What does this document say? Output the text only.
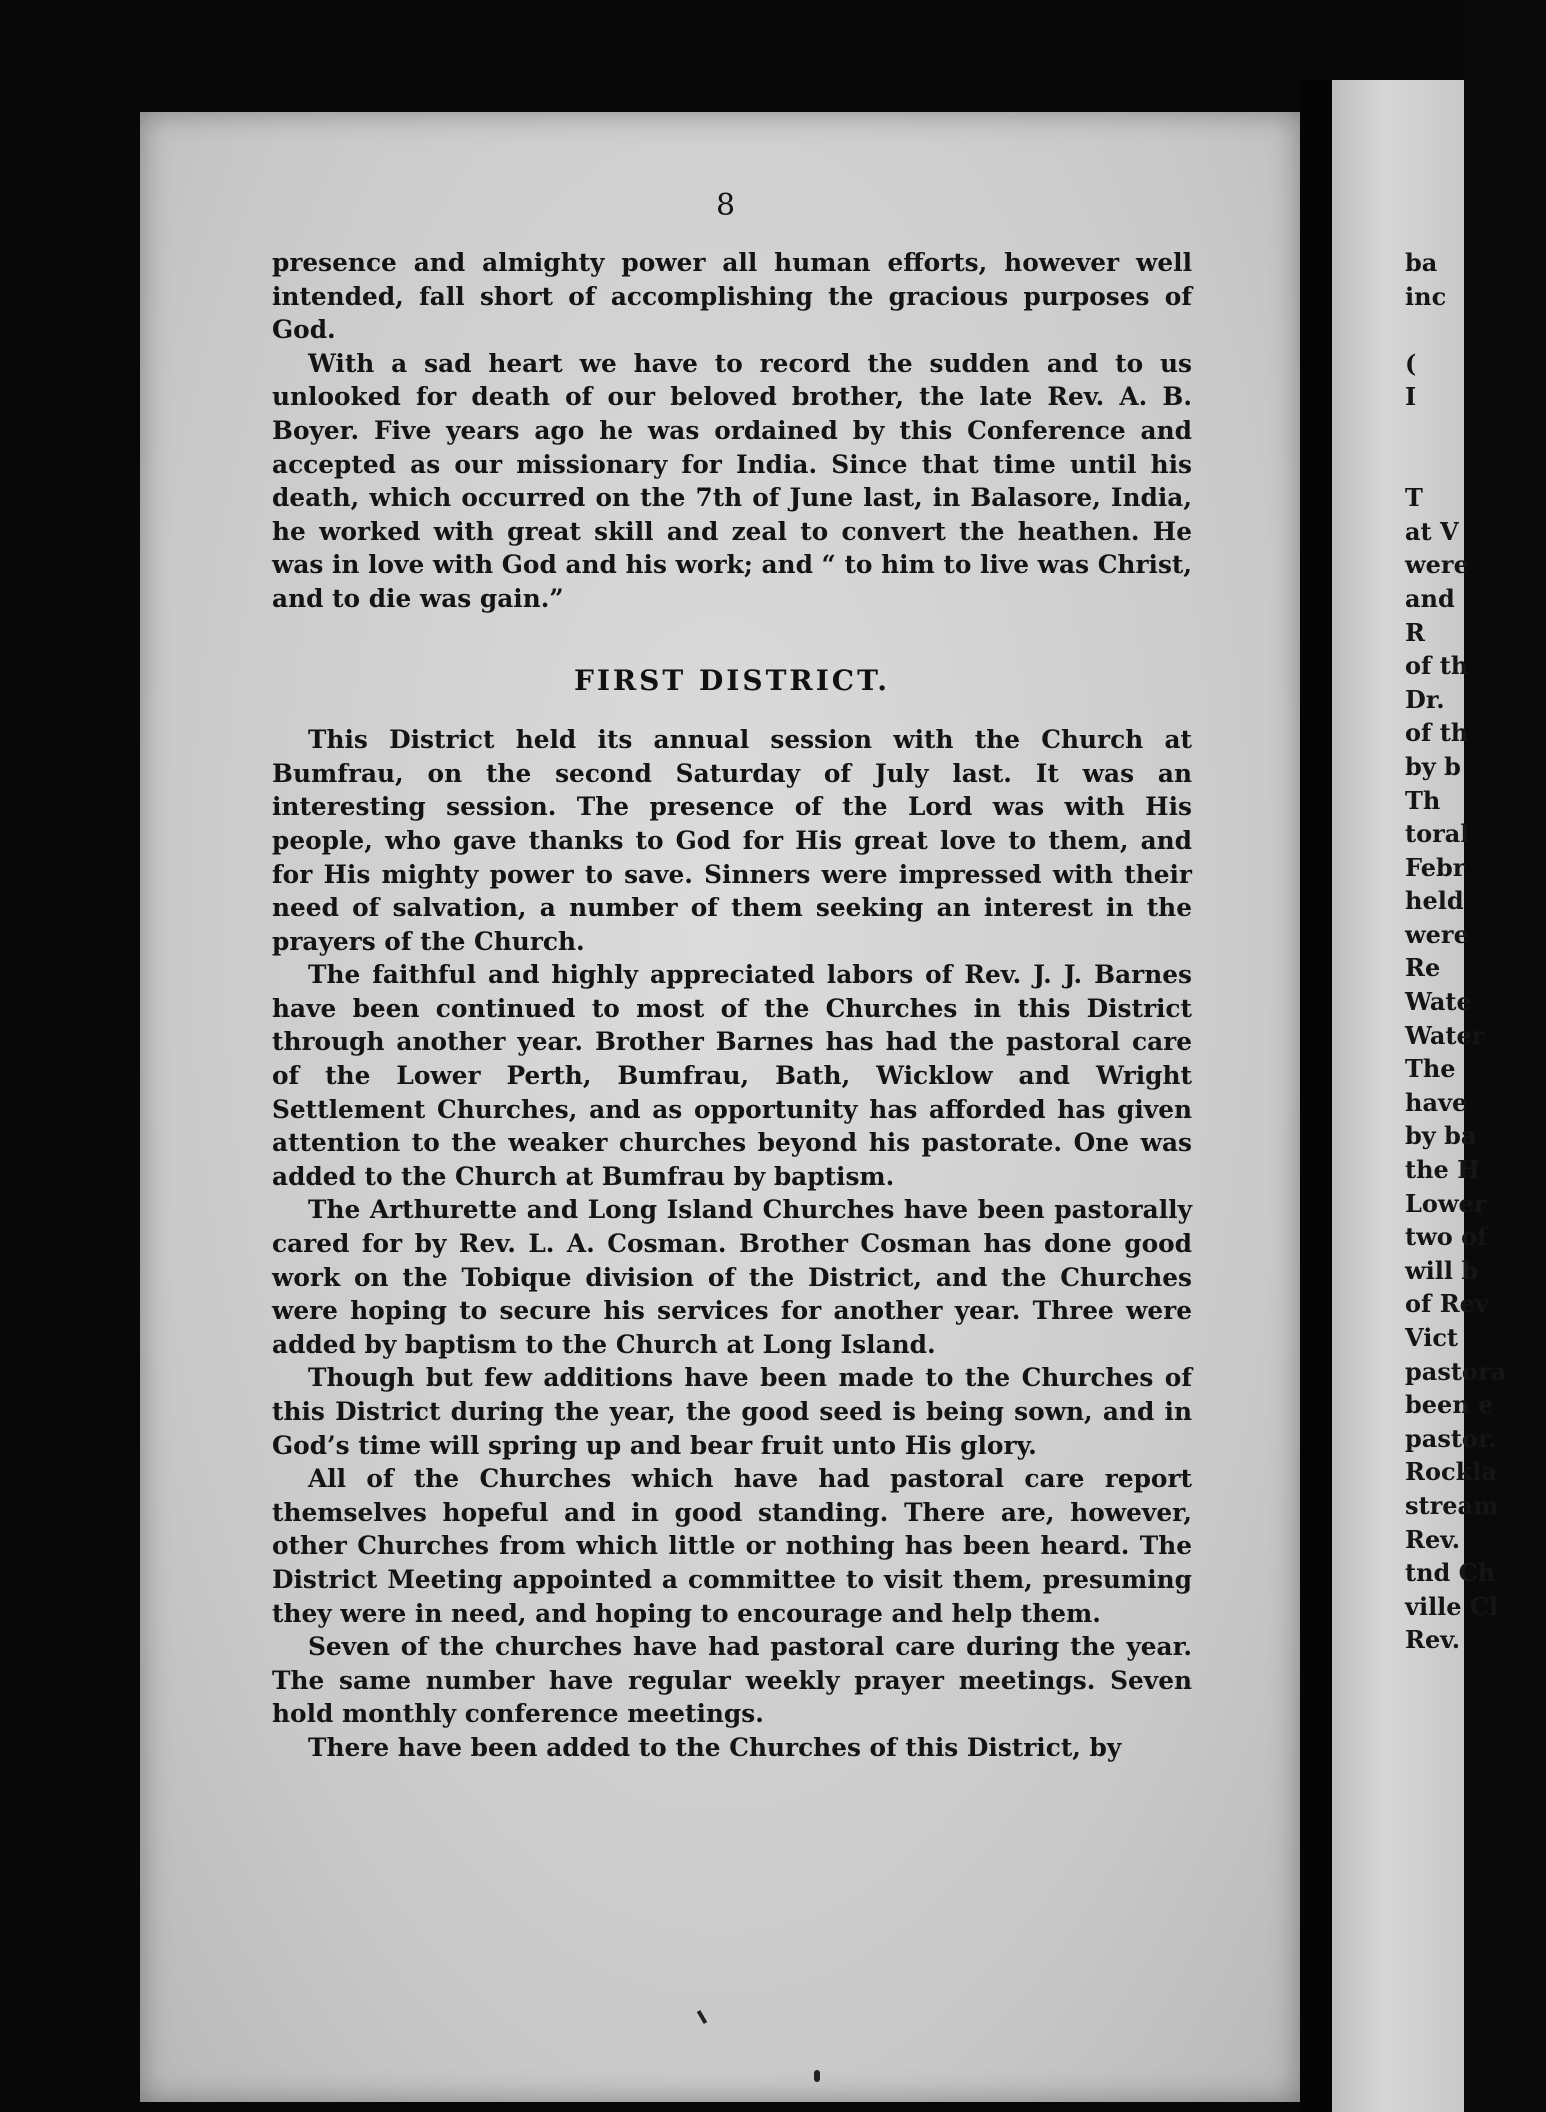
8

presence and almighty power all human efforts, however well intended, fall short of accomplishing the gracious purposes of God.

With a sad heart we have to record the sudden and to us unlooked for death of our beloved brother, the late Rev. A. B. Boyer. Five years ago he was ordained by this Conference and accepted as our missionary for India. Since that time until his death, which occurred on the 7th of June last, in Balasore, India, he worked with great skill and zeal to convert the heathen. He was in love with God and his work; and “ to him to live was Christ, and to die was gain.”

FIRST DISTRICT.

This District held its annual session with the Church at Bumfrau, on the second Saturday of July last. It was an interesting session. The presence of the Lord was with His people, who gave thanks to God for His great love to them, and for His mighty power to save. Sinners were impressed with their need of salvation, a number of them seeking an interest in the prayers of the Church.

The faithful and highly appreciated labors of Rev. J. J. Barnes have been continued to most of the Churches in this District through another year. Brother Barnes has had the pastoral care of the Lower Perth, Bumfrau, Bath, Wicklow and Wright Settlement Churches, and as opportunity has afforded has given attention to the weaker churches beyond his pastorate. One was added to the Church at Bumfrau by baptism.

The Arthurette and Long Island Churches have been pastorally cared for by Rev. L. A. Cosman. Brother Cosman has done good work on the Tobique division of the District, and the Churches were hoping to secure his services for another year. Three were added by baptism to the Church at Long Island.

Though but few additions have been made to the Churches of this District during the year, the good seed is being sown, and in God’s time will spring up and bear fruit unto His glory.

All of the Churches which have had pastoral care report themselves hopeful and in good standing. There are, however, other Churches from which little or nothing has been heard. The District Meeting appointed a committee to visit them, presuming they were in need, and hoping to encourage and help them.

Seven of the churches have had pastoral care during the year. The same number have regular weekly prayer meetings. Seven hold monthly conference meetings.

There have been added to the Churches of this District, by

ba
inc
(
I
T
at V
were
and
R
of th
Dr.
of th
by b
Th
toral
Febr
held
were
Re
Wate
Water
The
have
by ba
the H
Lower
two of
will b
of Rev
Vict
pastora
been e
pastor.
Rockla
stream
Rev.
tnd Ch
ville Cl
Rev.
